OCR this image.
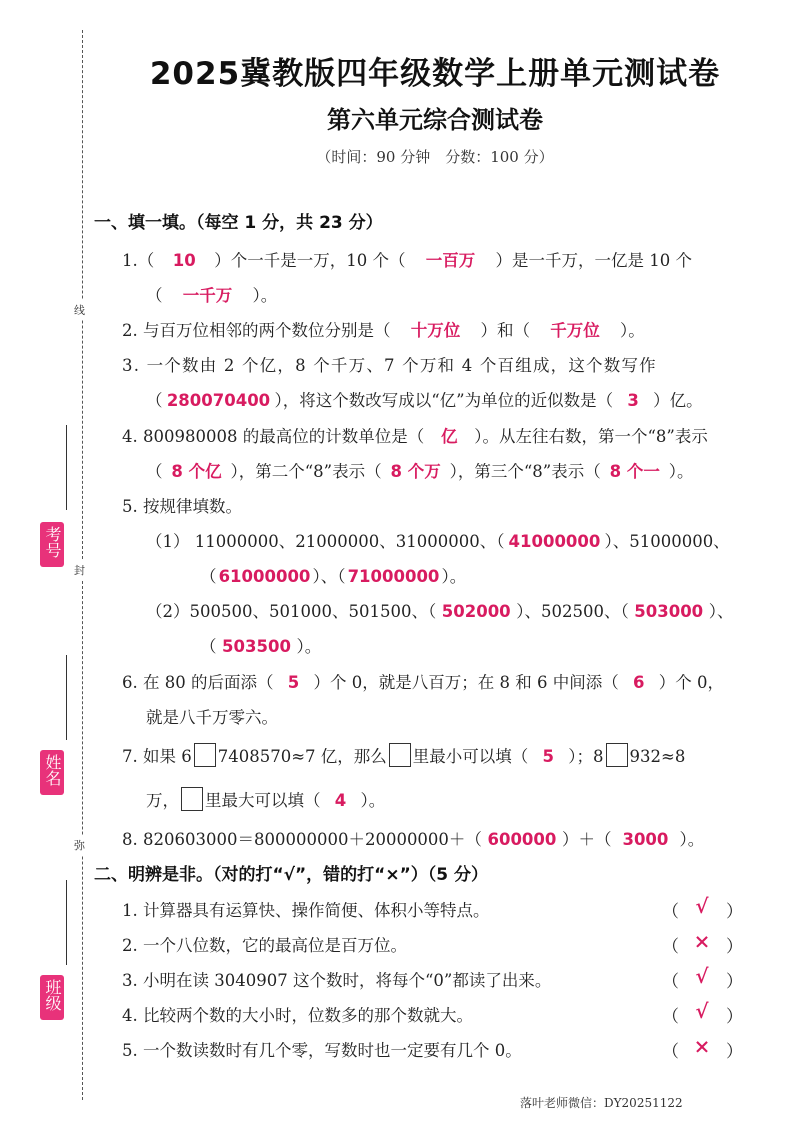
线
封
弥
考号
姓名
班级
2025冀教版四年级数学上册单元测试卷
第六单元综合测试卷
（时间：90 分钟　分数：100 分）
一、填一填。（每空 1 分，共 23 分）
1.（ 10 ）个一千是一万，10 个（ 一百万 ）是一千万，一亿是 10 个
（ 一千万 ）。
2. 与百万位相邻的两个数位分别是（ 十万位 ）和（ 千万位 ）。
3. 一个数由 2 个亿，8 个千万、7 个万和 4 个百组成，这个数写作
（ 280070400 ），将这个数改写成以“亿”为单位的近似数是（ 3 ）亿。
4. 800980008 的最高位的计数单位是（ 亿 ）。从左往右数，第一个“8”表示
（ 8 个亿 ），第二个“8”表示（ 8 个万 ），第三个“8”表示（ 8 个一 ）。
5. 按规律填数。
（1） 11000000、21000000、31000000、（ 41000000 ）、51000000、
（ 61000000 ）、（ 71000000 ）。
（2）500500、501000、501500、（ 502000 ）、502500、（ 503000 ）、
（ 503500 ）。
6. 在 80 的后面添（ 5 ）个 0，就是八百万；在 8 和 6 中间添（ 6 ）个 0，
就是八千万零六。
7. 如果 6 7408570≈7 亿，那么 里最小可以填（ 5 ）；8 932≈8
万， 里最大可以填（ 4 ）。
8. 820603000＝800000000＋20000000＋（ 600000 ）＋（ 3000 ）。
二、明辨是非。（对的打“√”，错的打“×”）（5 分）
1. 计算器具有运算快、操作简便、体积小等特点。	（ √	）
2. 一个八位数，它的最高位是百万位。	（ × ）
3. 小明在读 3040907 这个数时，将每个“0”都读了出来。	（ √	）
4. 比较两个数的大小时，位数多的那个数就大。	（ √	）
5. 一个数读数时有几个零，写数时也一定要有几个 0。	（ × ）
落叶老师微信：DY20251122
